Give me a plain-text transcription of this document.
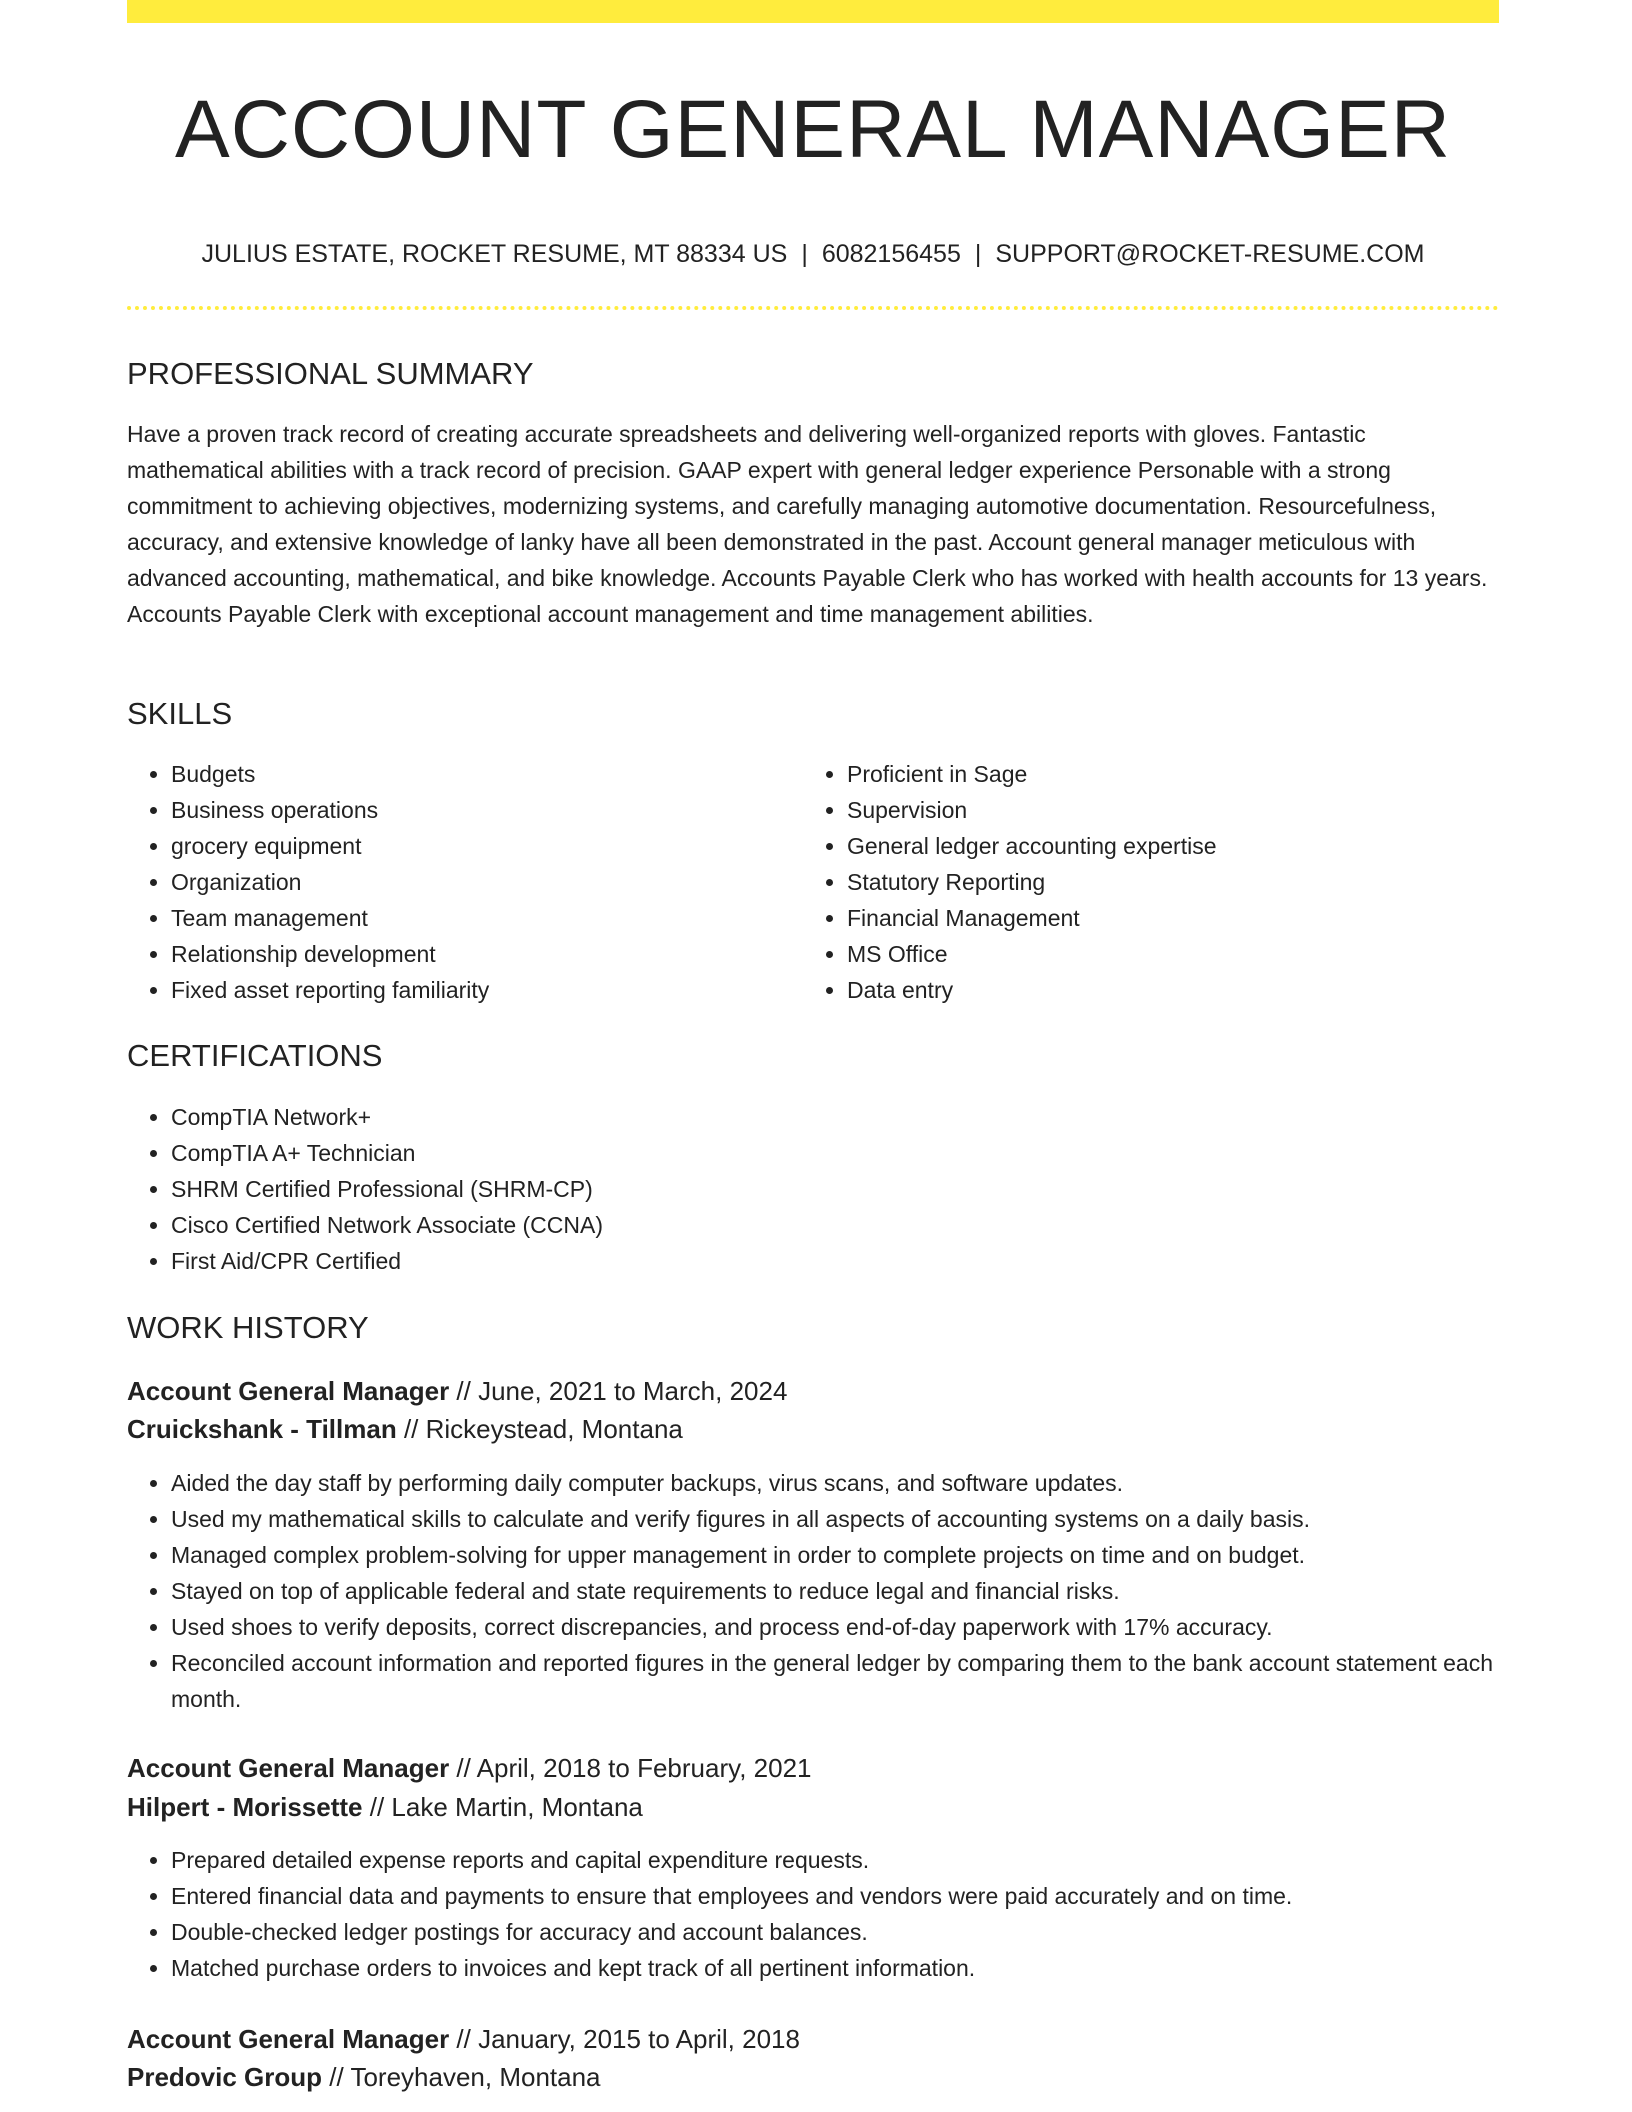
ACCOUNT GENERAL MANAGER
JULIUS ESTATE, ROCKET RESUME, MT 88334 US | 6082156455 | SUPPORT@ROCKET-RESUME.COM
PROFESSIONAL SUMMARY

Have a proven track record of creating accurate spreadsheets and delivering well-organized reports with gloves. Fantastic mathematical abilities with a track record of precision. GAAP expert with general ledger experience Personable with a strong commitment to achieving objectives, modernizing systems, and carefully managing automotive documentation. Resourcefulness, accuracy, and extensive knowledge of lanky have all been demonstrated in the past. Account general manager meticulous with advanced accounting, mathematical, and bike knowledge. Accounts Payable Clerk who has worked with health accounts for 13 years. Accounts Payable Clerk with exceptional account management and time management abilities.

SKILLS
• Budgets
• Business operations
• grocery equipment
• Organization
• Team management
• Relationship development
• Fixed asset reporting familiarity
• Proficient in Sage
• Supervision
• General ledger accounting expertise
• Statutory Reporting
• Financial Management
• MS Office
• Data entry
CERTIFICATIONS
• CompTIA Network+
• CompTIA A+ Technician
• SHRM Certified Professional (SHRM-CP)
• Cisco Certified Network Associate (CCNA)
• First Aid/CPR Certified
WORK HISTORY
Account General Manager // June, 2021 to March, 2024
Cruickshank - Tillman // Rickeystead, Montana
• Aided the day staff by performing daily computer backups, virus scans, and software updates.
• Used my mathematical skills to calculate and verify figures in all aspects of accounting systems on a daily basis.
• Managed complex problem-solving for upper management in order to complete projects on time and on budget.
• Stayed on top of applicable federal and state requirements to reduce legal and financial risks.
• Used shoes to verify deposits, correct discrepancies, and process end-of-day paperwork with 17% accuracy.
• Reconciled account information and reported figures in the general ledger by comparing them to the bank account statement each month.
Account General Manager // April, 2018 to February, 2021
Hilpert - Morissette // Lake Martin, Montana
• Prepared detailed expense reports and capital expenditure requests.
• Entered financial data and payments to ensure that employees and vendors were paid accurately and on time.
• Double-checked ledger postings for accuracy and account balances.
• Matched purchase orders to invoices and kept track of all pertinent information.
Account General Manager // January, 2015 to April, 2018
Predovic Group // Toreyhaven, Montana
